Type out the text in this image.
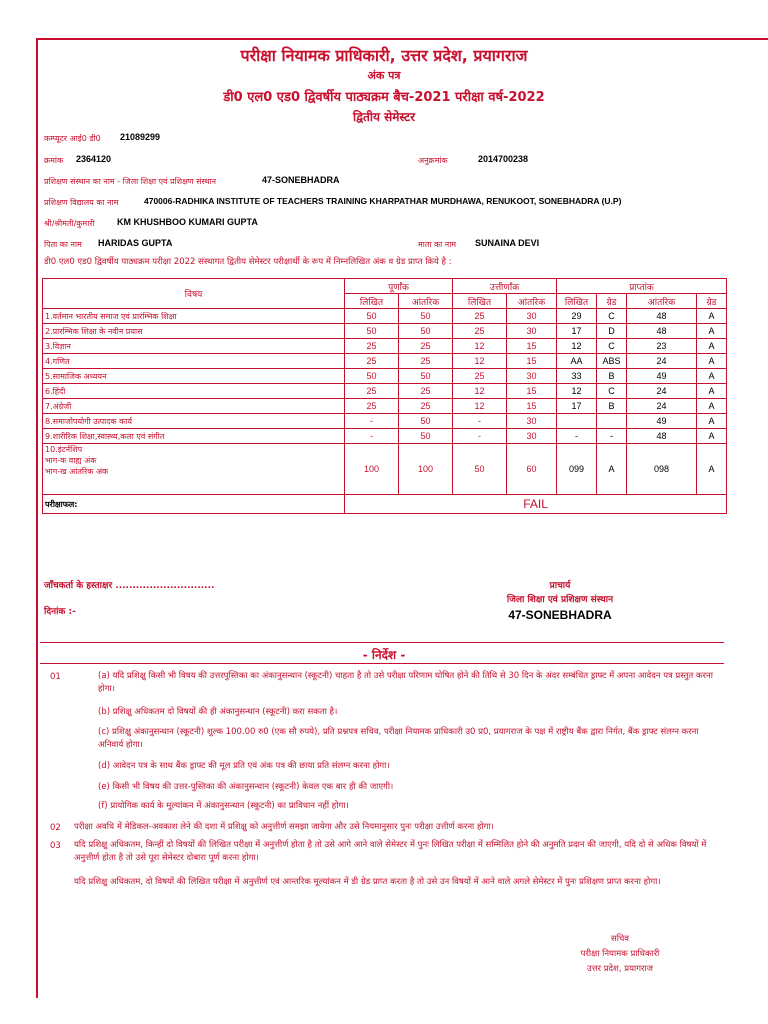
परीक्षा नियामक प्राधिकारी, उत्तर प्रदेश, प्रयागराज
अंक पत्र
डी0 एल0 एड0 द्विवर्षीय पाठ्यक्रम बैच-2021 परीक्षा वर्ष-2022
द्वितीय सेमेस्टर
कम्प्यूटर आई0 डी0 21089299
क्रमांक 2364120	अनुक्रमांक	2014700238
प्रशिक्षण संस्थान का नाम - जिला शिक्षा एवं प्रशिक्षण संस्थान	47-SONEBHADRA
प्रशिक्षण विद्यालय का नाम	470006-RADHIKA INSTITUTE OF TEACHERS TRAINING KHARPATHAR MURDHAWA, RENUKOOT, SONEBHADRA (U.P)
श्री/श्रीमती/कुमारी KM KHUSHBOO KUMARI GUPTA
पिता का नाम HARIDAS GUPTA	माता का नाम SUNAINA DEVI
डी0 एल0 एड0 द्विवर्षीय पाठ्यक्रम परीक्षा 2022 संस्थागत द्वितीय सेमेस्टर परीक्षार्थी के रूप में निम्नलिखित अंक व ग्रेड प्राप्त किये है :
विषय	पूर्णांक		उत्तीर्णांक		प्राप्तांक			
	लिखित	आंतरिक	लिखित	आंतरिक	लिखित	ग्रेड	आंतरिक	ग्रेड
1.वर्तमान भारतीय समाज एवं प्रारंम्भिक शिक्षा	50	50	25	30	29	C	48	A
2.प्रारम्भिक शिक्षा के नवीन प्रयास	50	50	25	30	17	D	48	A
3.विज्ञान	25	25	12	15	12	C	23	A
4.गणित	25	25	12	15	AA	ABS	24	A
5.सामाजिक अध्ययन	50	50	25	30	33	B	49	A
6.हिंदी	25	25	12	15	12	C	24	A
7.अंग्रेजी	25	25	12	15	17	B	24	A
8.समाजोपयोगी उत्पादक कार्य	-	50	-	30			49	A
9.शारीरिक शिक्षा,स्वास्थ्य,कला एवं संगीत	-	50	-	30	-	-	48	A

10.इंटर्नशिप
भाग-क वाह्य अंक
भाग-ख आंतरिक अंक	100	100	50	60	099	A	098	A
परीक्षाफल:	FAIL							
जाँचकर्ता के हस्ताक्षर .............................
दिनांक :-
प्राचार्य
जिला शिक्षा एवं प्रशिक्षण संस्थान
47-SONEBHADRA
- निर्देश -
01	(a) यदि प्रशिक्षु किसी भी विषय की उत्तरपुस्तिका का अंकानुसन्धान (स्कूटनी) चाहता है तो उसे परीक्षा परिणाम घोषित होने की तिथि से 30 दिन के अंदर सम्बंधित ड्राफ्ट में अपना आवेदन पत्र प्रस्तुत करना होगा।
(b) प्रशिक्षु अधिकतम दो विषयों की ही अंकानुसन्धान (स्कूटनी) करा सकता है।
(c) प्रशिक्षु अंकानुसन्धान (स्कूटनी) शुल्क 100.00 रु0 (एक सौ रुपये), प्रति प्रश्नपत्र सचिव, परीक्षा नियामक प्राधिकारी उ0 प्र0, प्रयागराज के पक्ष में राष्ट्रीय बैंक द्वारा निर्गत, बैंक ड्राफ्ट संलग्न करना अनिवार्य होगा।
(d) आवेदन पत्र के साथ बैंक ड्राफ्ट की मूल प्रति एवं अंक पत्र की छाया प्रति संलग्न करना होगा।
(e) किसी भी विषय की उत्तर-पुस्तिका की अंकानुसन्धान (स्कूटनी) केवल एक बार ही की जाएगी।
(f) प्रायोगिक कार्य के मूल्यांकन में अंकानुसन्धान (स्कूटनी) का प्राविधान नहीं होगा।
02 परीक्षा अवधि में मेडिकल-अवकाश लेने की दशा में प्रशिक्षु को अनुत्तीर्ण समझा जायेगा और उसे नियमानुसार पुनः परीक्षा उत्तीर्ण करना होगा।
03 यदि प्रशिक्षु अधिकतम, किन्हीं दो विषयों की लिखित परीक्षा में अनुत्तीर्ण होता है तो उसे आगे आने वाले सेमेस्टर में पुनः लिखित परीक्षा में सम्मिलित होने की अनुमति प्रदान की जाएगी, यदि दो से अधिक विषयों में अनुत्तीर्ण होता है तो उसे पूरा सेमेस्टर दोबारा पूर्ण करना होगा।
यदि प्रशिक्षु अधिकतम, दो विषयों की लिखित परीक्षा में अनुत्तीर्ण एवं आन्तरिक मूल्यांकन में डी ग्रेड प्राप्त करता है तो उसे उन विषयों में आने वाले अगले सेमेस्टर में पुनः प्रशिक्षण प्राप्त करना होगा।
सचिव
परीक्षा नियामक प्राधिकारी
उत्तर प्रदेश, प्रयागराज
